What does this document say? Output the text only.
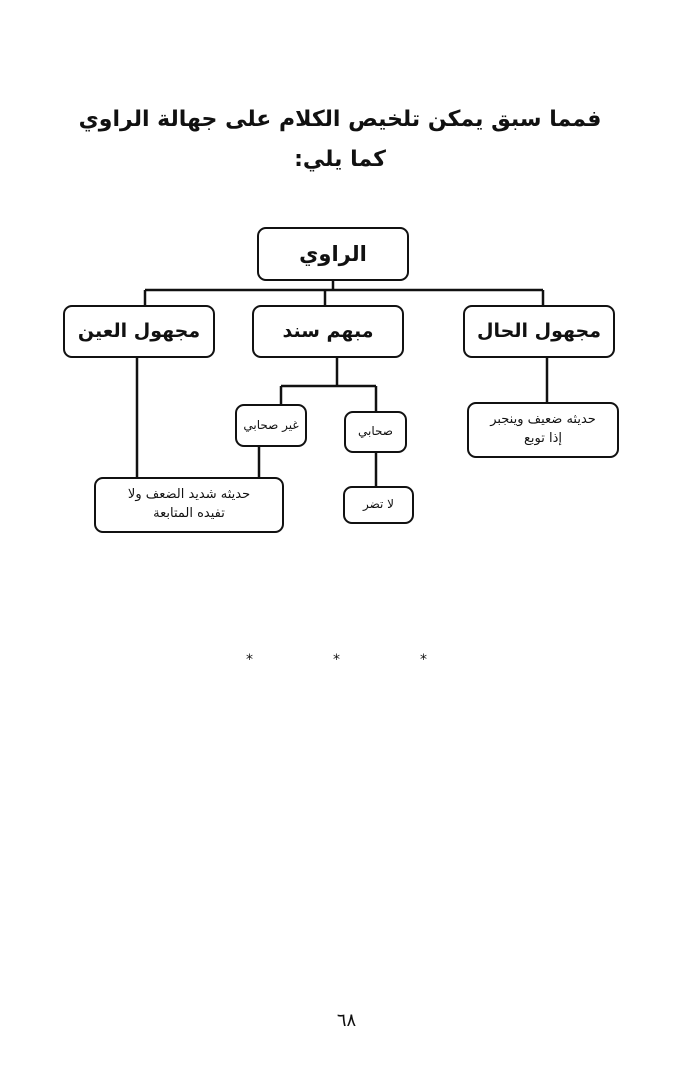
فمما سبق يمكن تلخيص الكلام على جهالة الراوي كما يلي:
الراوي
مجهول العين	مبهم سند	مجهول الحال
غير صحابي	صحابي
حديثه شديد الضعف ولا
تفيده المتابعة
لا تضر
حديثه ضعيف وينجبر
إذا توبع
*
*
*
٦٨
